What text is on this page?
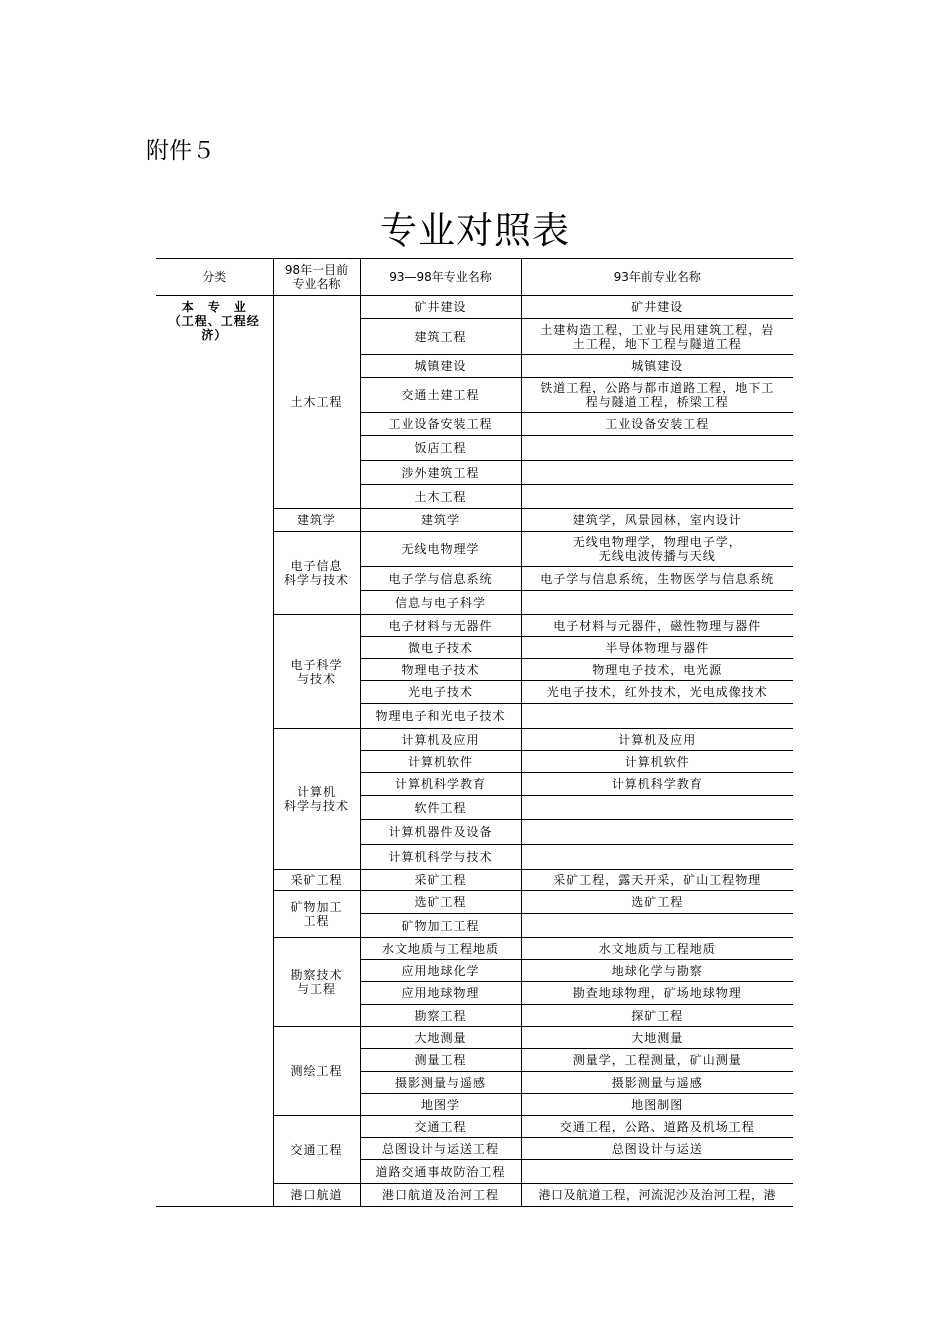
附件５
专业对照表
分类	98年一目前
专业名称	93—98年专业名称	93年前专业名称
本　专　业
（工程、工程经
济）	土木工程	矿井建设	矿井建设
		建筑工程	土建构造工程，工业与民用建筑工程，岩
土工程，地下工程与隧道工程
		城镇建设	城镇建设
		交通土建工程	铁道工程，公路与都市道路工程，地下工
程与隧道工程，桥梁工程
		工业设备安装工程	工业设备安装工程
		饭店工程	
		涉外建筑工程	
		土木工程	
	建筑学	建筑学	建筑学，风景园林，室内设计
	电子信息
科学与技术	无线电物理学	无线电物理学，物理电子学，
无线电波传播与天线
		电子学与信息系统	电子学与信息系统，生物医学与信息系统
		信息与电子科学	
	电子科学
与技术	电子材料与无器件	电子材料与元器件，磁性物理与器件
		微电子技术	半导体物理与器件
		物理电子技术	物理电子技术，电光源
		光电子技术	光电子技术，红外技术，光电成像技术
		物理电子和光电子技术	
	计算机
科学与技术	计算机及应用	计算机及应用
		计算机软件	计算机软件
		计算机科学教育	计算机科学教育
		软件工程	
		计算机器件及设备	
		计算机科学与技术	
	采矿工程	采矿工程	采矿工程，露天开采，矿山工程物理
	矿物加工
工程	选矿工程	选矿工程
		矿物加工工程	
	勘察技术
与工程	水文地质与工程地质	水文地质与工程地质
		应用地球化学	地球化学与勘察
		应用地球物理	勘查地球物理，矿场地球物理
		勘察工程	探矿工程
	测绘工程	大地测量	大地测量
		测量工程	测量学，工程测量，矿山测量
		摄影测量与遥感	摄影测量与遥感
		地图学	地图制图
	交通工程	交通工程	交通工程，公路、道路及机场工程
		总图设计与运送工程	总图设计与运送
		道路交通事故防治工程	
	港口航道	港口航道及治河工程	港口及航道工程，河流泥沙及治河工程，港
